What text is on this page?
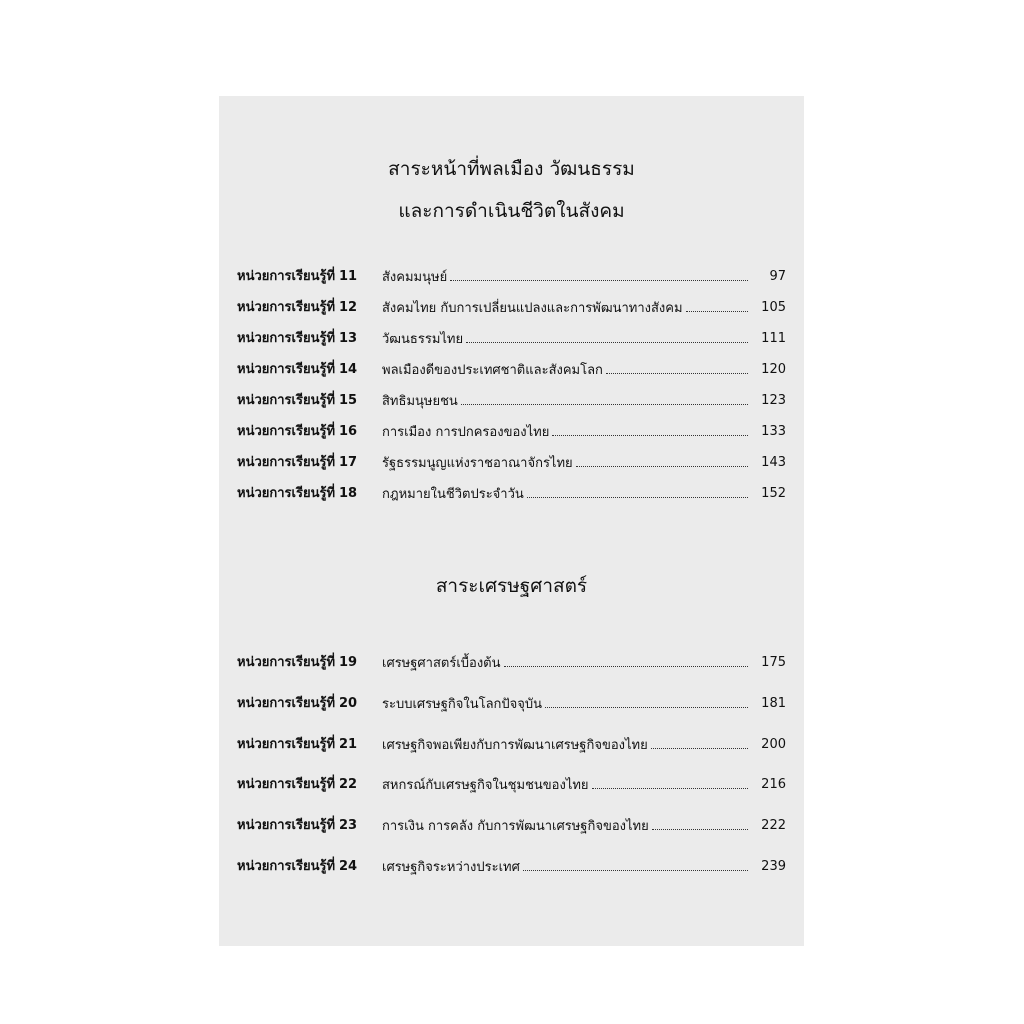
สาระหน้าที่พลเมือง วัฒนธรรม
และการดำเนินชีวิตในสังคม
หน่วยการเรียนรู้ที่ 11	สังคมมนุษย์	97
หน่วยการเรียนรู้ที่ 12	สังคมไทย กับการเปลี่ยนแปลงและการพัฒนาทางสังคม	105
หน่วยการเรียนรู้ที่ 13	วัฒนธรรมไทย	111
หน่วยการเรียนรู้ที่ 14	พลเมืองดีของประเทศชาติและสังคมโลก	120
หน่วยการเรียนรู้ที่ 15	สิทธิมนุษยชน	123
หน่วยการเรียนรู้ที่ 16	การเมือง การปกครองของไทย	133
หน่วยการเรียนรู้ที่ 17	รัฐธรรมนูญแห่งราชอาณาจักรไทย	143
หน่วยการเรียนรู้ที่ 18	กฎหมายในชีวิตประจำวัน	152
สาระเศรษฐศาสตร์
หน่วยการเรียนรู้ที่ 19	เศรษฐศาสตร์เบื้องต้น	175
หน่วยการเรียนรู้ที่ 20	ระบบเศรษฐกิจในโลกปัจจุบัน	181
หน่วยการเรียนรู้ที่ 21	เศรษฐกิจพอเพียงกับการพัฒนาเศรษฐกิจของไทย	200
หน่วยการเรียนรู้ที่ 22	สหกรณ์กับเศรษฐกิจในชุมชนของไทย	216
หน่วยการเรียนรู้ที่ 23	การเงิน การคลัง กับการพัฒนาเศรษฐกิจของไทย	222
หน่วยการเรียนรู้ที่ 24	เศรษฐกิจระหว่างประเทศ	239
